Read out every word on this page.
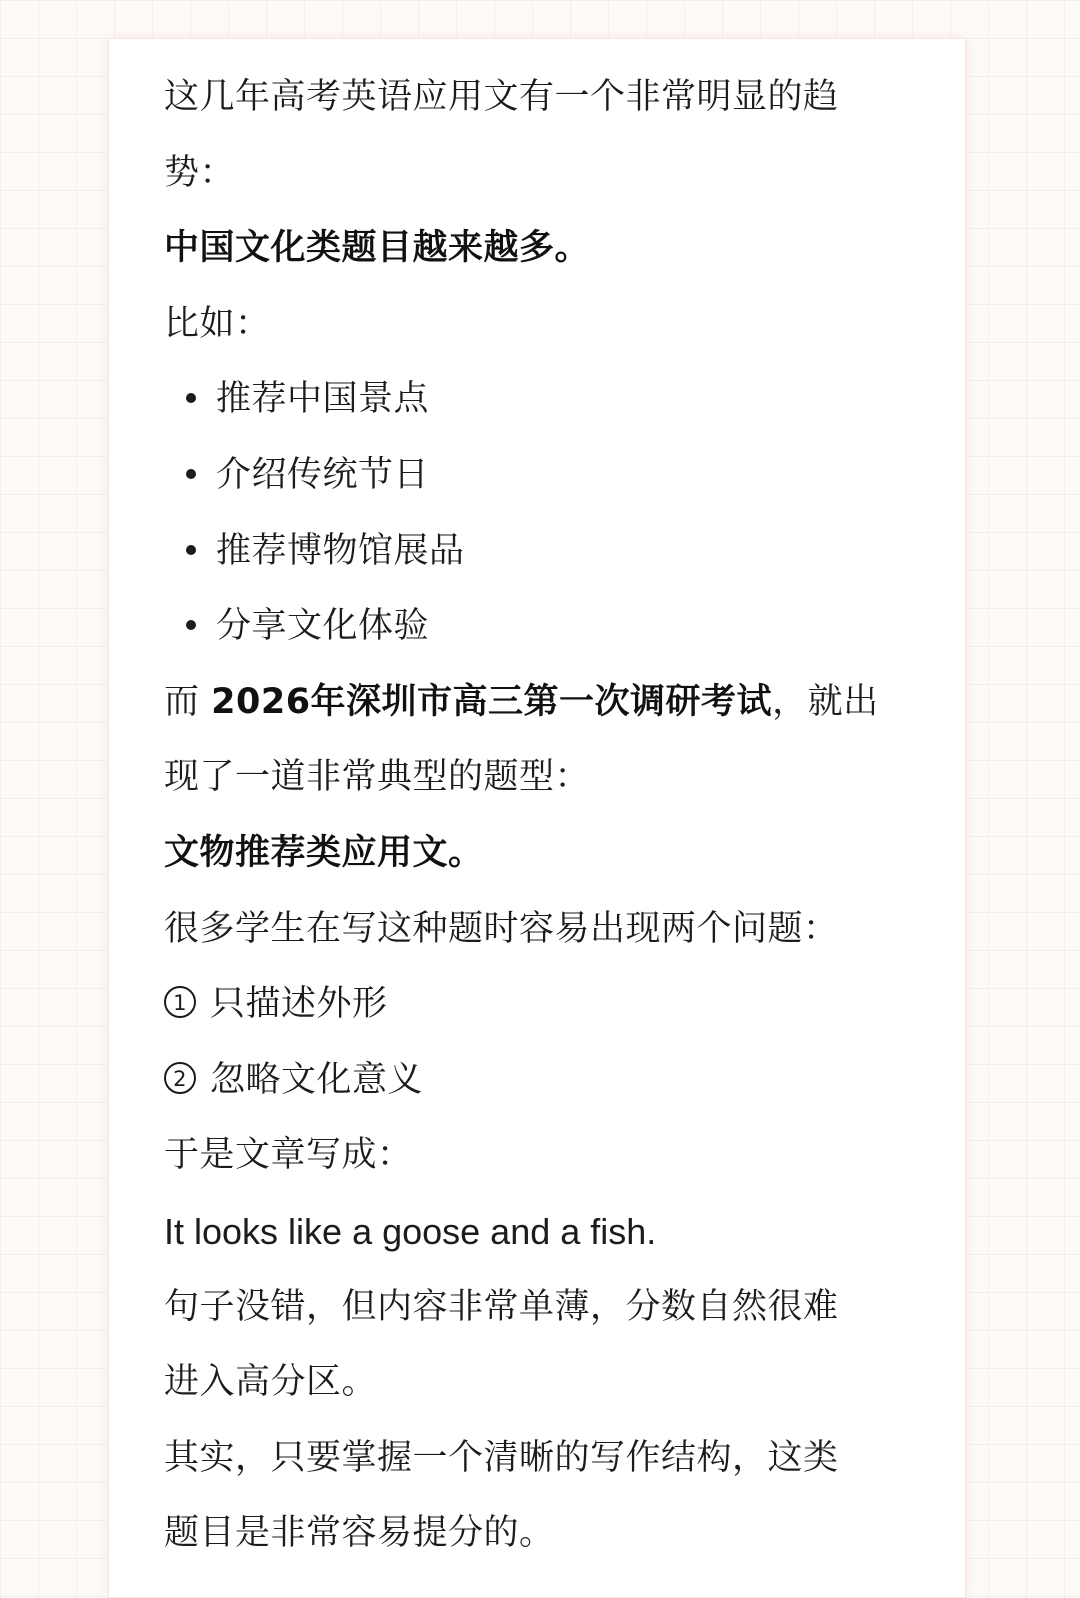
这几年高考英语应用文有一个非常明显的趋
势：
中国文化类题目越来越多。
比如：
推荐中国景点
介绍传统节日
推荐博物馆展品
分享文化体验
而 2026年深圳市高三第一次调研考试，就出
现了一道非常典型的题型：
文物推荐类应用文。
很多学生在写这种题时容易出现两个问题：
1 只描述外形
2 忽略文化意义
于是文章写成：
It looks like a goose and a fish.
句子没错，但内容非常单薄，分数自然很难
进入高分区。
其实，只要掌握一个清晰的写作结构，这类
题目是非常容易提分的。
